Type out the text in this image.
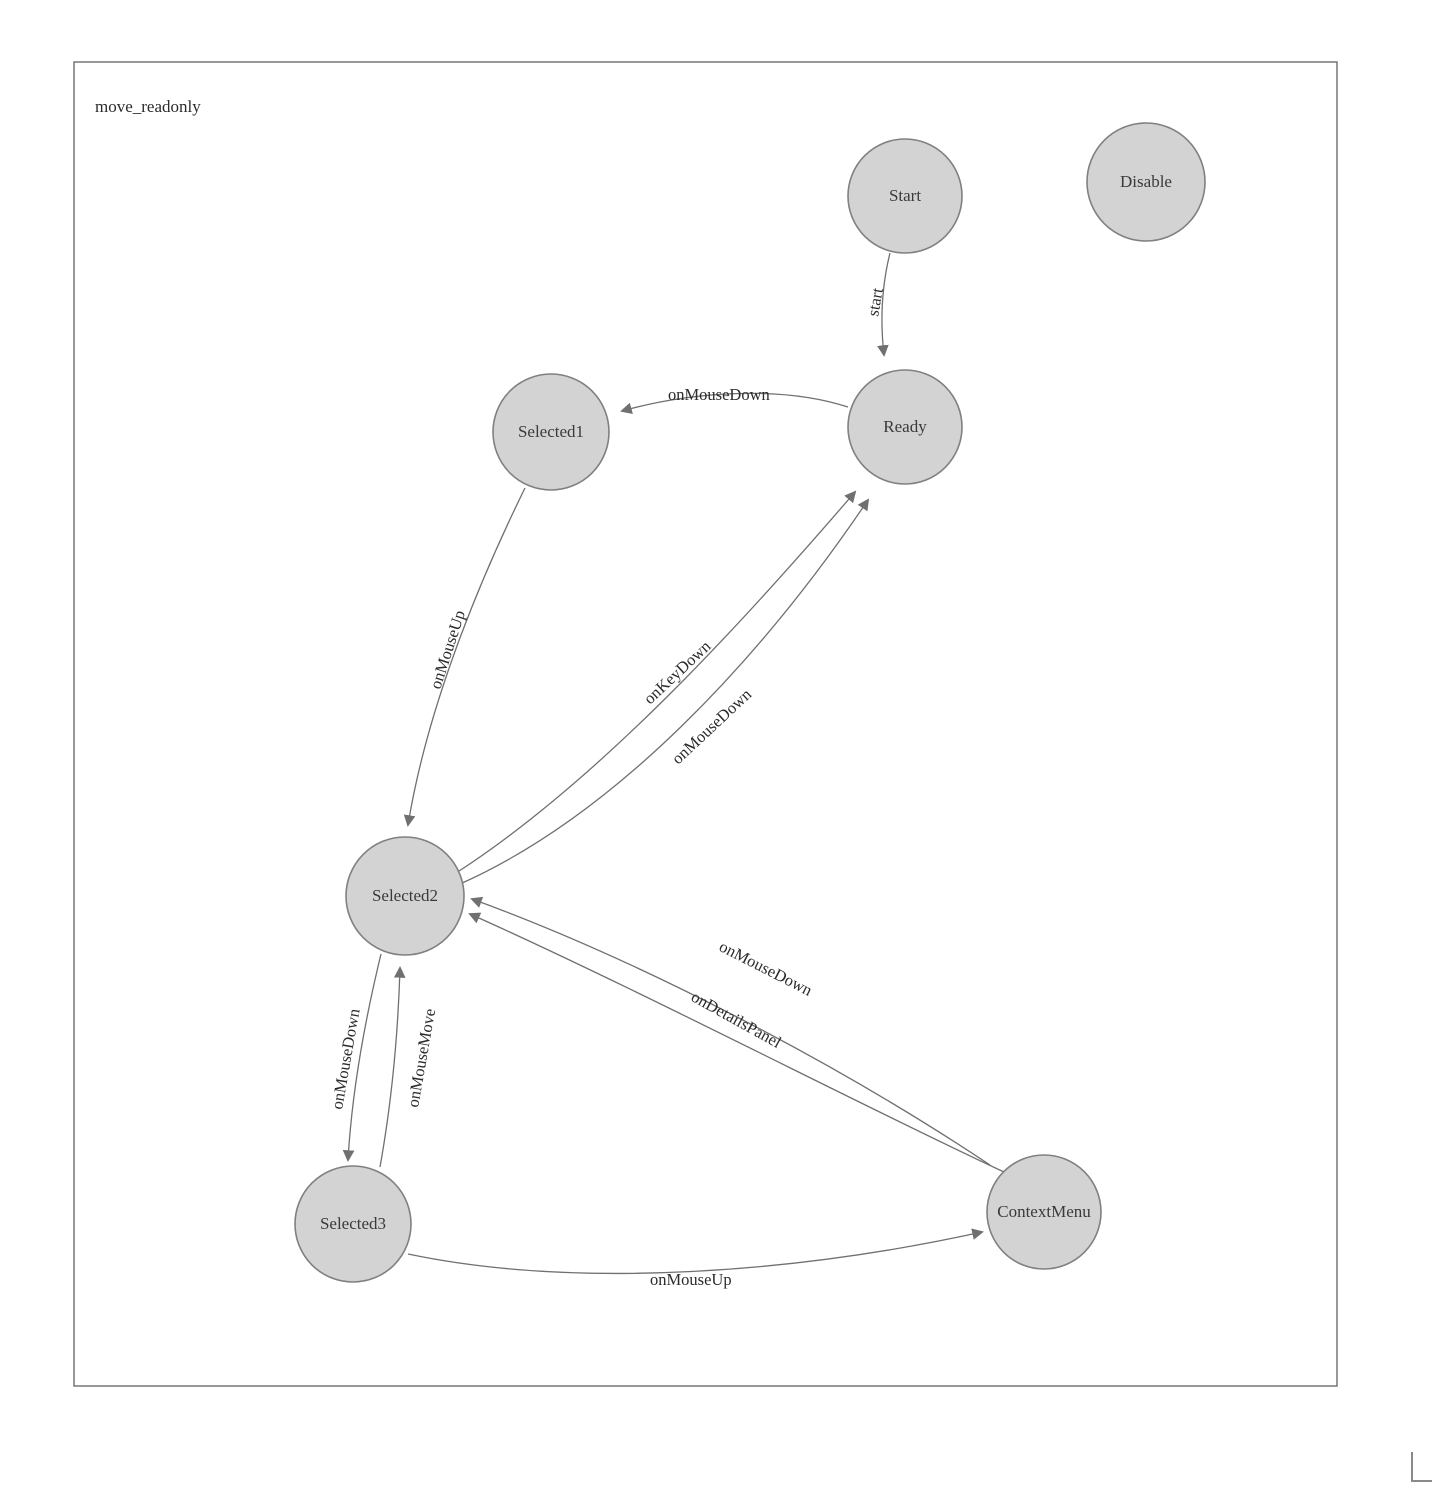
move_readonly
start
onMouseDown
onMouseUp	onKeyDown
onMouseDown
onMouseDown onMouseMove
onMouseDown
onDetailsPanel
onMouseUp
Start
Disable
Ready
Selected1
Selected2
Selected3
ContextMenu
